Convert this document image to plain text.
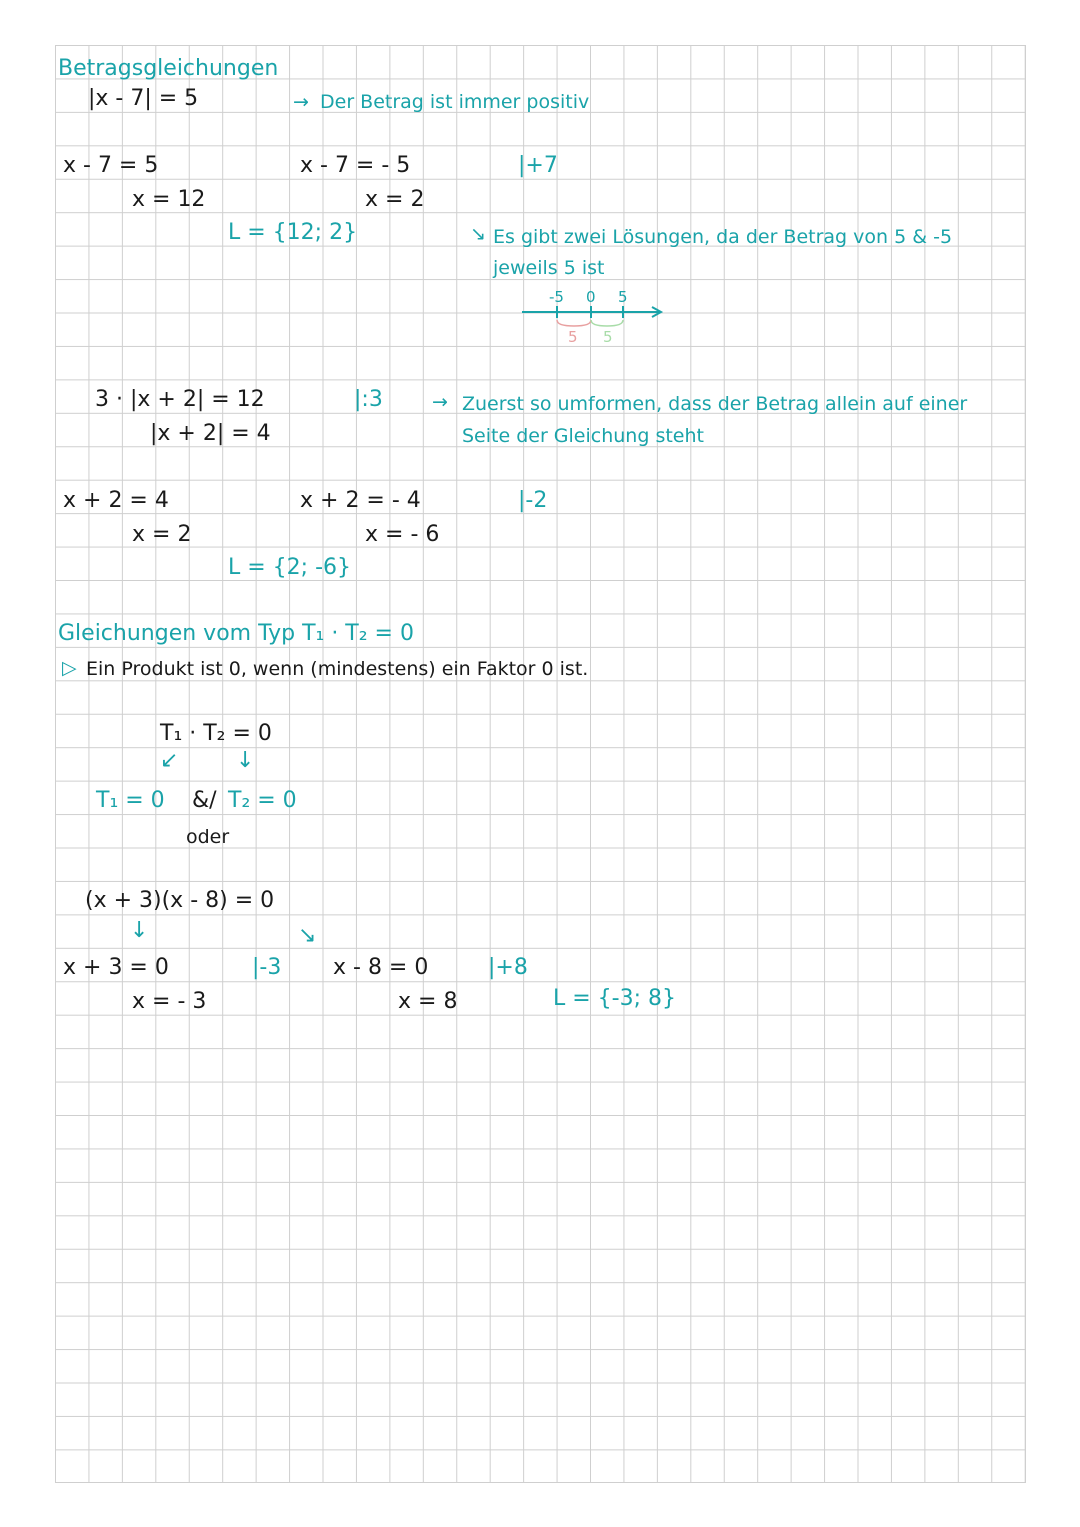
Betragsgleichungen
|x - 7| = 5	→ Der Betrag ist immer positiv
x - 7 = 5
x = 12
x - 7 = - 5
x = 2
|+7
L = {12; 2}	↘ Es gibt zwei Lösungen, da der Betrag von 5 & -5
jeweils 5 ist
-5 0 5
5 5
3 · |x + 2| = 12	|:3
|x + 2| = 4
→ Zuerst so umformen, dass der Betrag allein auf einer
Seite der Gleichung steht
x + 2 = 4
x = 2
x + 2 = - 4
x = - 6
|-2
L = {2; -6}
Gleichungen vom Typ T₁ · T₂ = 0
▷ Ein Produkt ist 0, wenn (mindestens) ein Faktor 0 ist.
T₁ · T₂ = 0
↙	↓
T₁ = 0 &/ T₂ = 0
oder
(x + 3)(x - 8) = 0
↓	↘
x + 3 = 0	|-3
x = - 3
x - 8 = 0	|+8
x = 8	L = {-3; 8}
